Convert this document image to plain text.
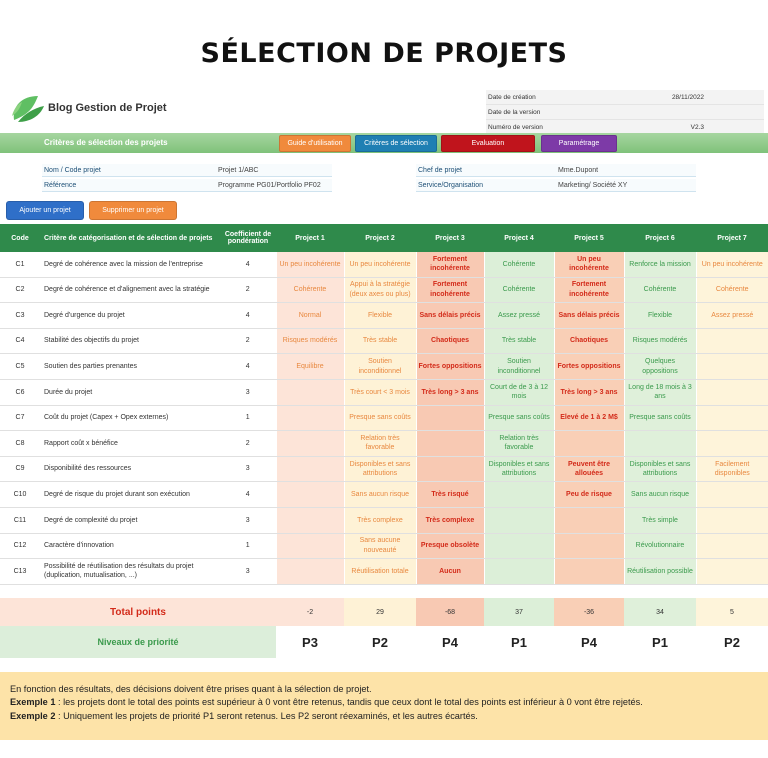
SÉLECTION DE PROJETS
Blog Gestion de Projet
Date de création	28/11/2022
Date de la version
Numéro de version	V2.3
Critères de sélection des projets	Guide d'utilisation	Critères de sélection	Evaluation	Paramétrage
Nom / Code projet	Projet 1/ABC
Référence	Programme PG01/Portfolio PF02
Chef de projet	Mme.Dupont
Service/Organisation	Marketing/ Société XY
Ajouter un projet	Supprimer un projet
Code	Critère de catégorisation et de sélection de projets	Coefficient de pondération	Project 1	Project 2	Project 3	Project 4	Project 5	Project 6	Project 7
C1	Degré de cohérence avec la mission de l'entreprise	4	Un peu incohérente	Un peu incohérente	Fortement incohérente	Cohérente	Un peu incohérente	Renforce la mission	Un peu incohérente
C2	Degré de cohérence et d'alignement avec la stratégie	2	Cohérente	Appui à la stratégie (deux axes ou plus)	Fortement incohérente	Cohérente	Fortement incohérente	Cohérente	Cohérente
C3	Degré d'urgence du projet	4	Normal	Flexible	Sans délais précis	Assez pressé	Sans délais précis	Flexible	Assez pressé
C4	Stabilité des objectifs du projet	2	Risques modérés	Très stable	Chaotiques	Très stable	Chaotiques	Risques modérés	
C5	Soutien des parties prenantes	4	Equilibre	Soutien inconditionnel	Fortes oppositions	Soutien inconditionnel	Fortes oppositions	Quelques oppositions	
C6	Durée du projet	3		Très court < 3 mois	Très long > 3 ans	Court de de 3 à 12 mois	Très long > 3 ans	Long de 18 mois à 3 ans	
C7	Coût du projet (Capex + Opex externes)	1		Presque sans coûts		Presque sans coûts	Elevé de 1 à 2 M$	Presque sans coûts	
C8	Rapport coût x bénéfice	2		Relation très favorable		Relation très favorable			
C9	Disponibilité des ressources	3		Disponibles et sans attributions		Disponibles et sans attributions	Peuvent être allouées	Disponibles et sans attributions	Facilement disponibles
C10	Degré de risque du projet durant son exécution	4		Sans aucun risque	Très risqué		Peu de risque	Sans aucun risque	
C11	Degré de complexité du projet	3		Très complexe	Très complexe			Très simple	
C12	Caractère d'innovation	1		Sans aucune nouveauté	Presque obsolète			Révolutionnaire	
C13	Possibilité de réutilisation des résultats du projet (duplication, mutualisation, ...)	3		Réutilisation totale	Aucun			Réutilisation possible	
Total points	-2	29	-68	37	-36	34	5
Niveaux de priorité	P3	P2	P4	P1	P4	P1	P2
En fonction des résultats, des décisions doivent être prises quant à la sélection de projet.
Exemple 1 : les projets dont le total des points est supérieur à 0 vont être retenus, tandis que ceux dont le total des points est inférieur à 0 vont être rejetés.
Exemple 2 : Uniquement les projets de priorité P1 seront retenus. Les P2 seront réexaminés, et les autres écartés.
